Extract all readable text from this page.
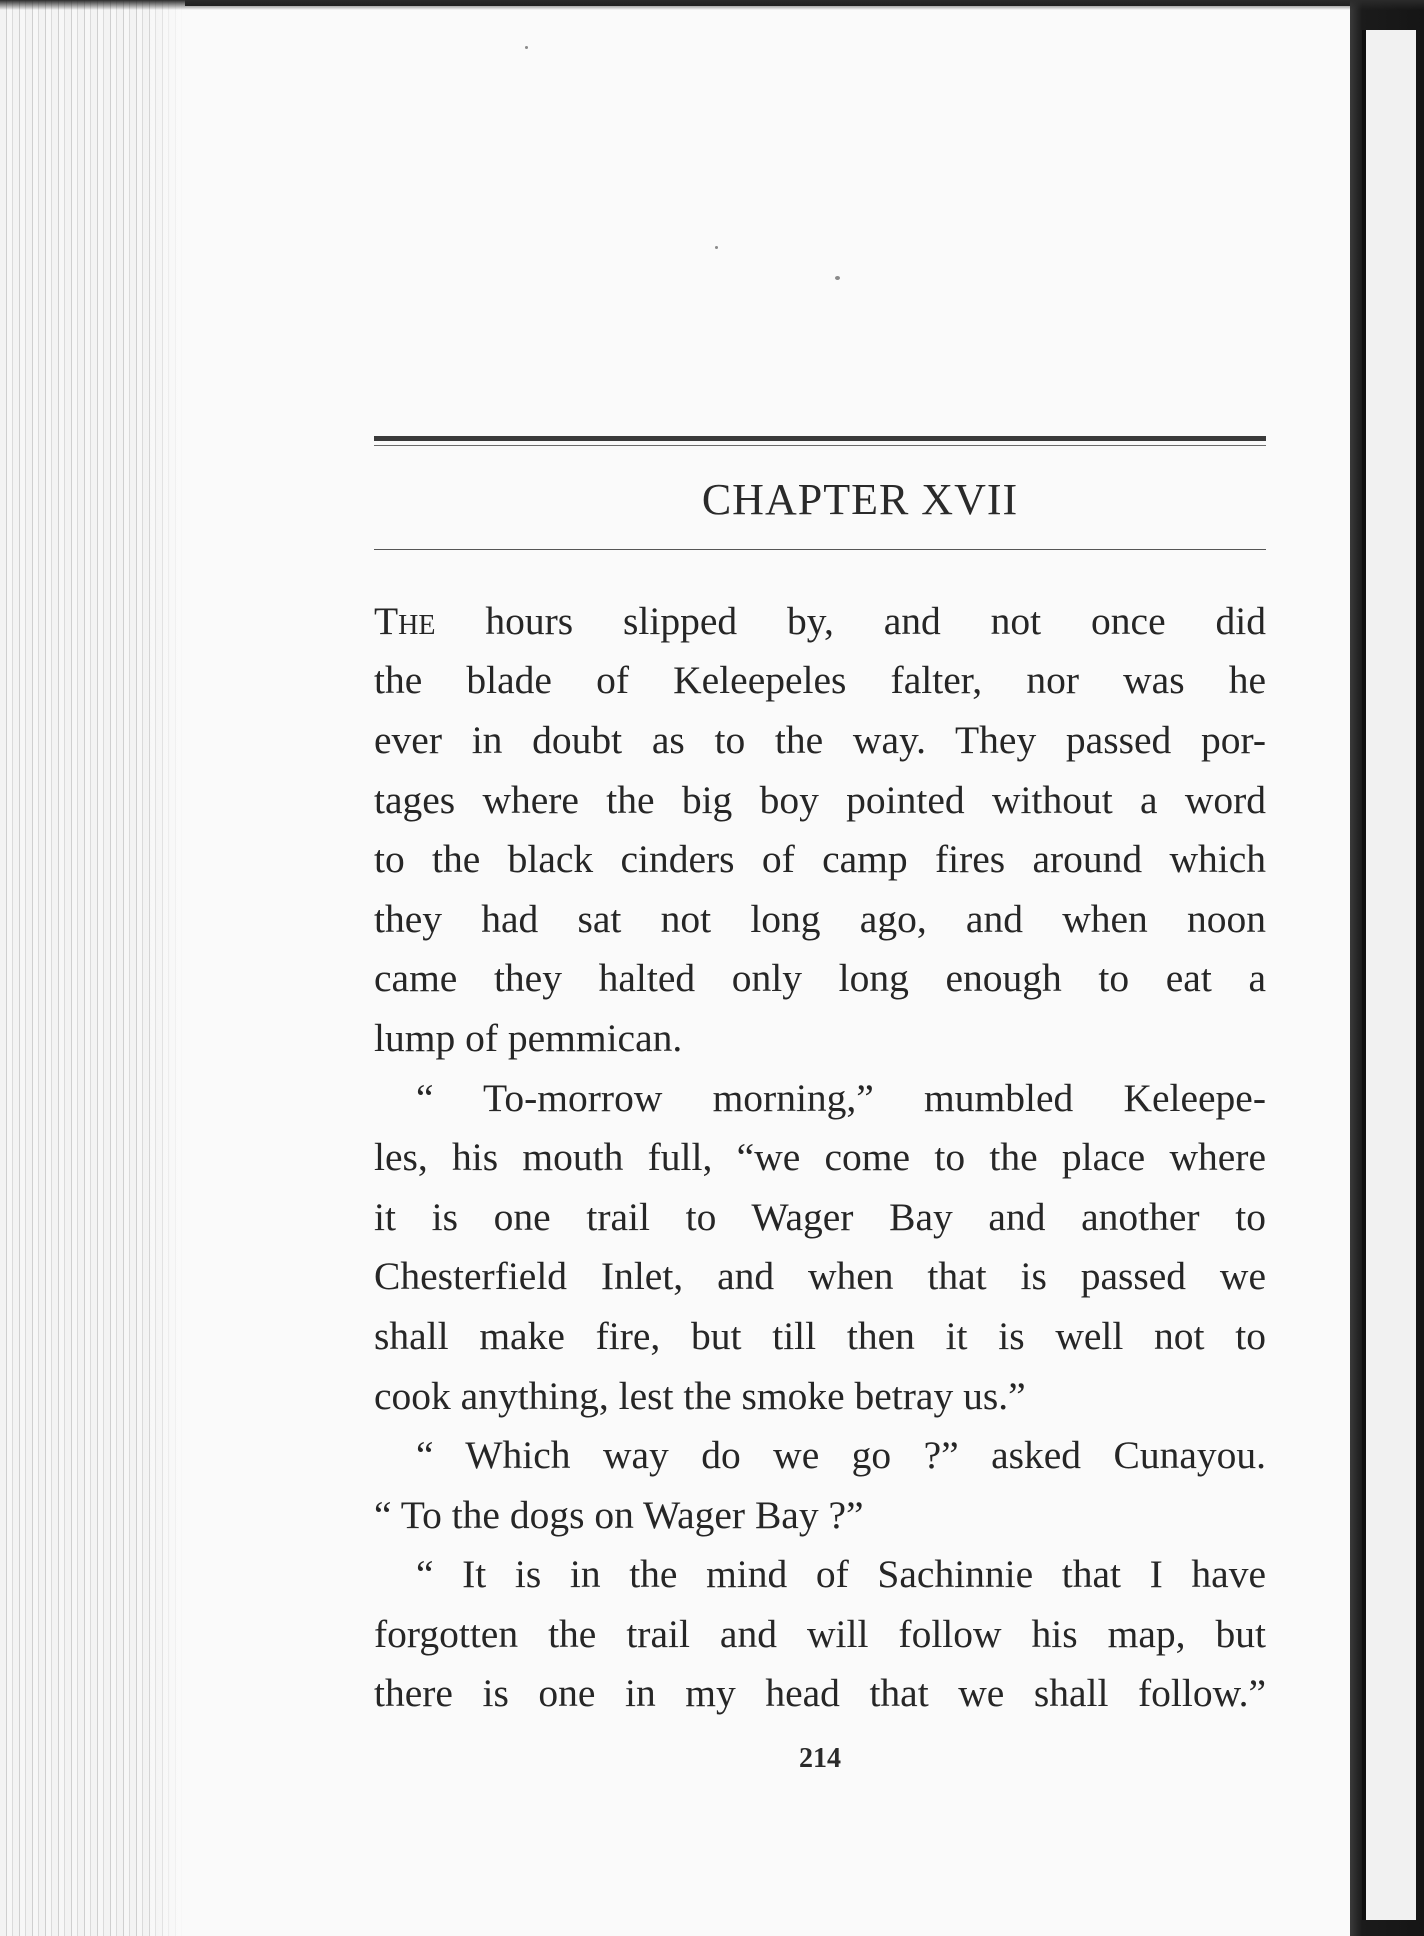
CHAPTER XVII

The hours slipped by, and not once did
the blade of Keleepeles falter, nor was he
ever in doubt as to the way. They passed por-
tages where the big boy pointed without a word
to the black cinders of camp fires around which
they had sat not long ago, and when noon
came they halted only long enough to eat a
lump of pemmican.

“ To-morrow morning,” mumbled Keleepe-
les, his mouth full, “we come to the place where
it is one trail to Wager Bay and another to
Chesterfield Inlet, and when that is passed we
shall make fire, but till then it is well not to
cook anything, lest the smoke betray us.”

“ Which way do we go ?” asked Cunayou.
“ To the dogs on Wager Bay ?”

“ It is in the mind of Sachinnie that I have
forgotten the trail and will follow his map, but
there is one in my head that we shall follow.”

214
